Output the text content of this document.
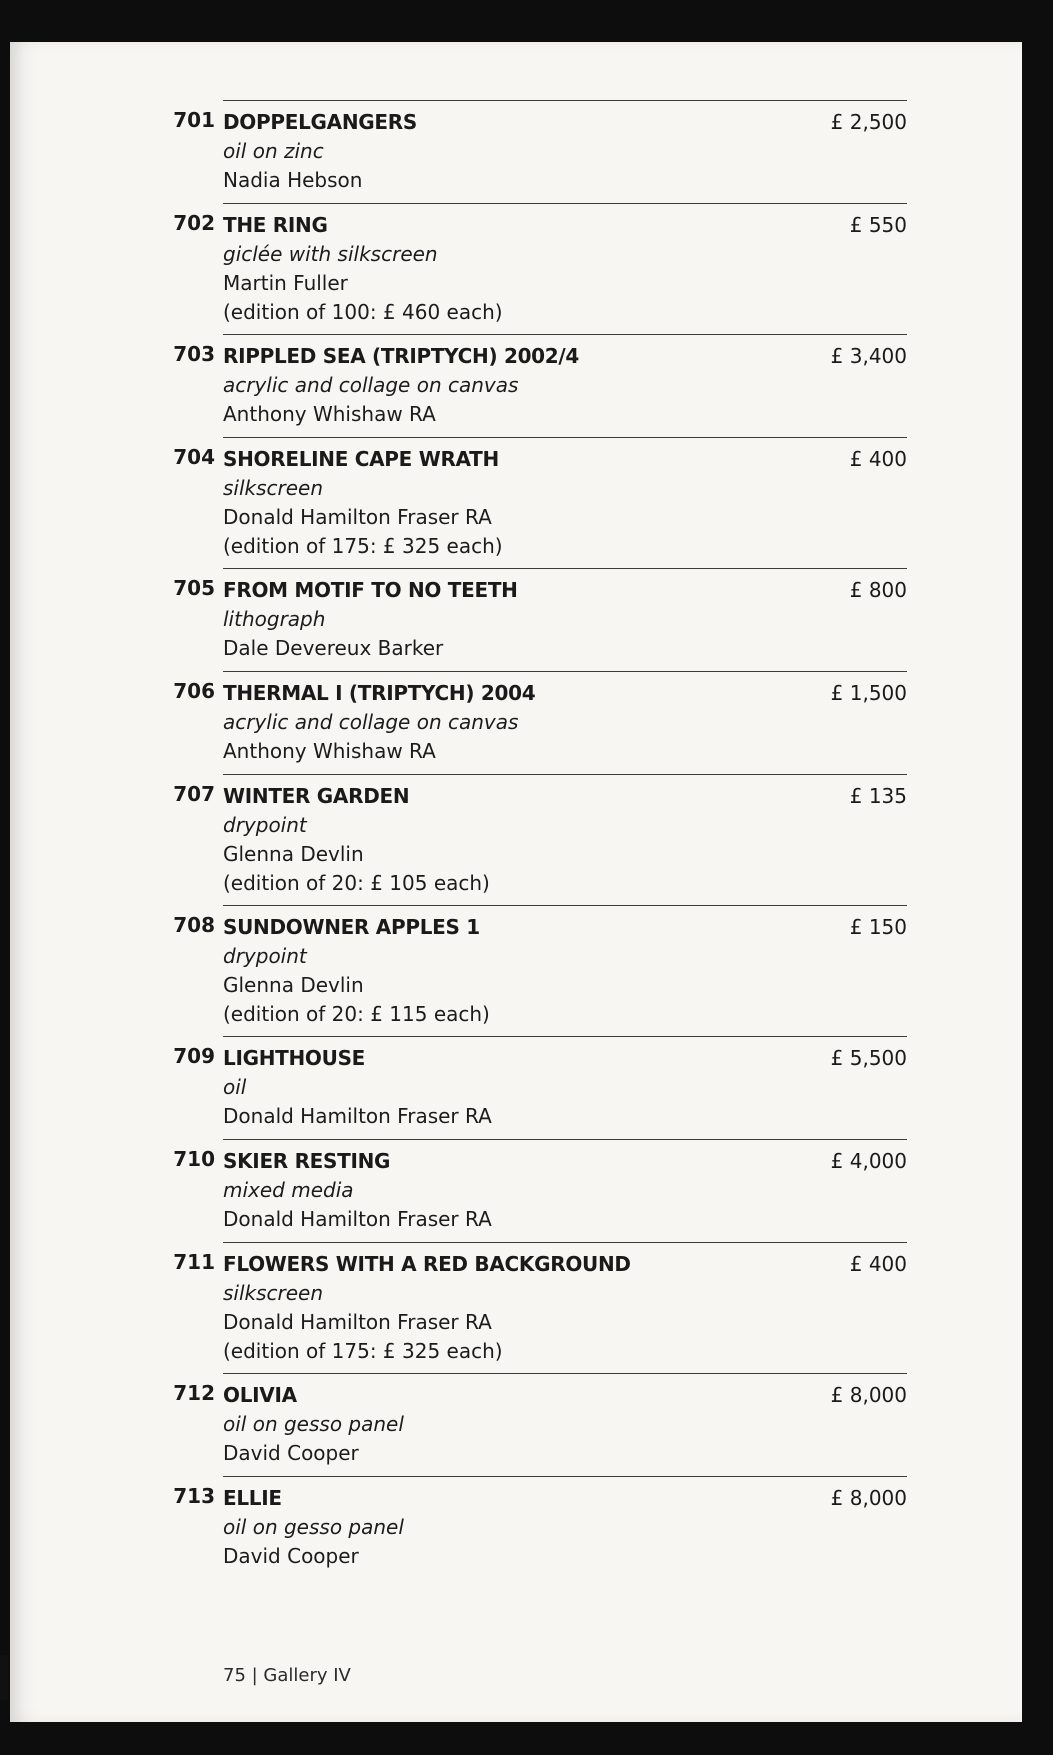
701 DOPPELGANGERS
oil on zinc
Nadia Hebson
£ 2,500
702 THE RING
giclée with silkscreen
Martin Fuller
(edition of 100: £ 460 each)
£ 550
703 RIPPLED SEA (TRIPTYCH) 2002/4
acrylic and collage on canvas
Anthony Whishaw RA
£ 3,400
704 SHORELINE CAPE WRATH
silkscreen
Donald Hamilton Fraser RA
(edition of 175: £ 325 each)
£ 400
705 FROM MOTIF TO NO TEETH
lithograph
Dale Devereux Barker
£ 800
706 THERMAL I (TRIPTYCH) 2004
acrylic and collage on canvas
Anthony Whishaw RA
£ 1,500
707 WINTER GARDEN
drypoint
Glenna Devlin
(edition of 20: £ 105 each)
£ 135
708 SUNDOWNER APPLES 1
drypoint
Glenna Devlin
(edition of 20: £ 115 each)
£ 150
709 LIGHTHOUSE
oil
Donald Hamilton Fraser RA
£ 5,500
710 SKIER RESTING
mixed media
Donald Hamilton Fraser RA
£ 4,000
711 FLOWERS WITH A RED BACKGROUND
silkscreen
Donald Hamilton Fraser RA
(edition of 175: £ 325 each)
£ 400
712 OLIVIA
oil on gesso panel
David Cooper
£ 8,000
713 ELLIE
oil on gesso panel
David Cooper
£ 8,000
75 | Gallery IV
